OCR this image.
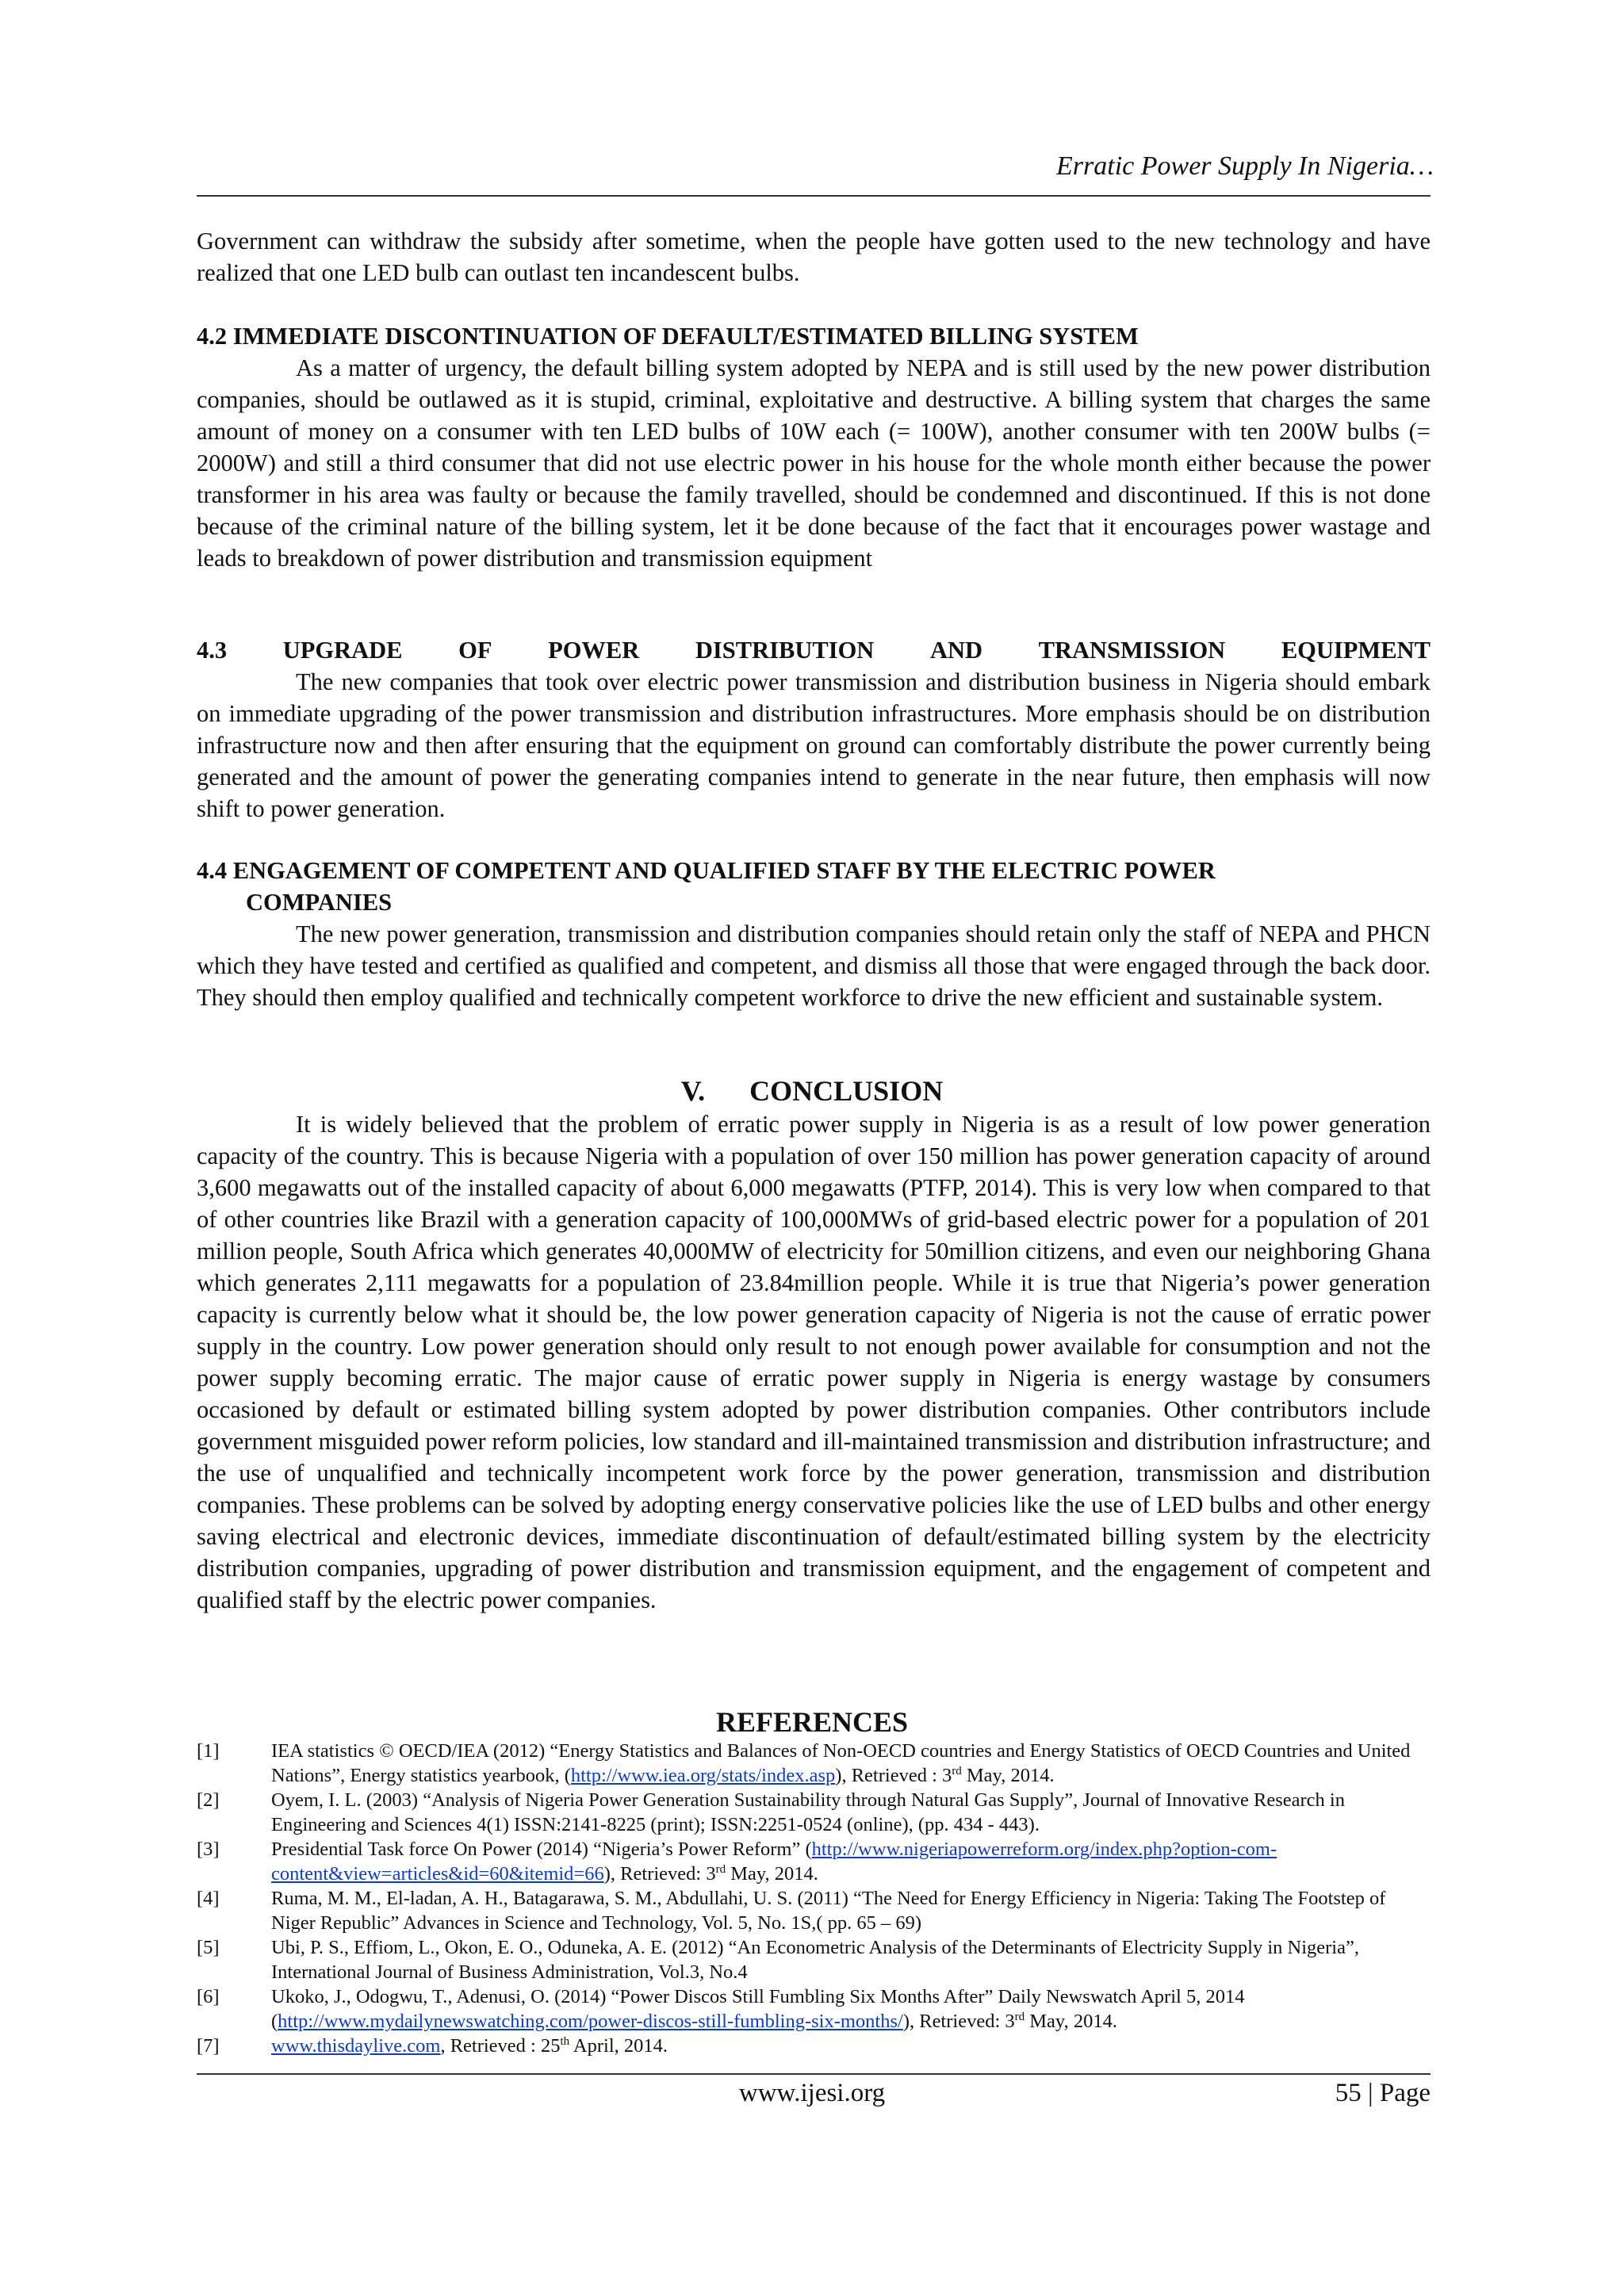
Erratic Power Supply In Nigeria…
Government can withdraw the subsidy after sometime, when the people have gotten used to the new technology and have realized that one LED bulb can outlast ten incandescent bulbs.
4.2 IMMEDIATE DISCONTINUATION OF DEFAULT/ESTIMATED BILLING SYSTEM
As a matter of urgency, the default billing system adopted by NEPA and is still used by the new power distribution companies, should be outlawed as it is stupid, criminal, exploitative and destructive. A billing system that charges the same amount of money on a consumer with ten LED bulbs of 10W each (= 100W), another consumer with ten 200W bulbs (= 2000W) and still a third consumer that did not use electric power in his house for the whole month either because the power transformer in his area was faulty or because the family travelled, should be condemned and discontinued. If this is not done because of the criminal nature of the billing system, let it be done because of the fact that it encourages power wastage and leads to breakdown of power distribution and transmission equipment
4.3 UPGRADE OF POWER DISTRIBUTION AND TRANSMISSION EQUIPMENT
The new companies that took over electric power transmission and distribution business in Nigeria should embark on immediate upgrading of the power transmission and distribution infrastructures. More emphasis should be on distribution infrastructure now and then after ensuring that the equipment on ground can comfortably distribute the power currently being generated and the amount of power the generating companies intend to generate in the near future, then emphasis will now shift to power generation.
4.4 ENGAGEMENT OF COMPETENT AND QUALIFIED STAFF BY THE ELECTRIC POWER
COMPANIES
The new power generation, transmission and distribution companies should retain only the staff of NEPA and PHCN which they have tested and certified as qualified and competent, and dismiss all those that were engaged through the back door. They should then employ qualified and technically competent workforce to drive the new efficient and sustainable system.
V. CONCLUSION
It is widely believed that the problem of erratic power supply in Nigeria is as a result of low power generation capacity of the country. This is because Nigeria with a population of over 150 million has power generation capacity of around 3,600 megawatts out of the installed capacity of about 6,000 megawatts (PTFP, 2014). This is very low when compared to that of other countries like Brazil with a generation capacity of 100,000MWs of grid-based electric power for a population of 201 million people, South Africa which generates 40,000MW of electricity for 50million citizens, and even our neighboring Ghana which generates 2,111 megawatts for a population of 23.84million people. While it is true that Nigeria’s power generation capacity is currently below what it should be, the low power generation capacity of Nigeria is not the cause of erratic power supply in the country. Low power generation should only result to not enough power available for consumption and not the power supply becoming erratic. The major cause of erratic power supply in Nigeria is energy wastage by consumers occasioned by default or estimated billing system adopted by power distribution companies. Other contributors include government misguided power reform policies, low standard and ill-maintained transmission and distribution infrastructure; and the use of unqualified and technically incompetent work force by the power generation, transmission and distribution companies. These problems can be solved by adopting energy conservative policies like the use of LED bulbs and other energy saving electrical and electronic devices, immediate discontinuation of default/estimated billing system by the electricity distribution companies, upgrading of power distribution and transmission equipment, and the engagement of competent and qualified staff by the electric power companies.
REFERENCES
[1]	IEA statistics © OECD/IEA (2012) “Energy Statistics and Balances of Non-OECD countries and Energy Statistics of OECD Countries and United Nations”, Energy statistics yearbook, (http://www.iea.org/stats/index.asp), Retrieved : 3rd May, 2014.
[2]	Oyem, I. L. (2003) “Analysis of Nigeria Power Generation Sustainability through Natural Gas Supply”, Journal of Innovative Research in Engineering and Sciences 4(1) ISSN:2141-8225 (print); ISSN:2251-0524 (online), (pp. 434 - 443).
[3]	Presidential Task force On Power (2014) “Nigeria’s Power Reform” (http://www.nigeriapowerreform.org/index.php?option-com-content&view=articles&id=60&itemid=66), Retrieved: 3rd May, 2014.
[4]	Ruma, M. M., El-ladan, A. H., Batagarawa, S. M., Abdullahi, U. S. (2011) “The Need for Energy Efficiency in Nigeria: Taking The Footstep of Niger Republic” Advances in Science and Technology, Vol. 5, No. 1S,( pp. 65 – 69)
[5]	Ubi, P. S., Effiom, L., Okon, E. O., Oduneka, A. E. (2012) “An Econometric Analysis of the Determinants of Electricity Supply in Nigeria”, International Journal of Business Administration, Vol.3, No.4
[6]	Ukoko, J., Odogwu, T., Adenusi, O. (2014) “Power Discos Still Fumbling Six Months After” Daily Newswatch April 5, 2014 (http://www.mydailynewswatching.com/power-discos-still-fumbling-six-months/), Retrieved: 3rd May, 2014.
[7]	www.thisdaylive.com, Retrieved : 25th April, 2014.
www.ijesi.org	55 | Page
